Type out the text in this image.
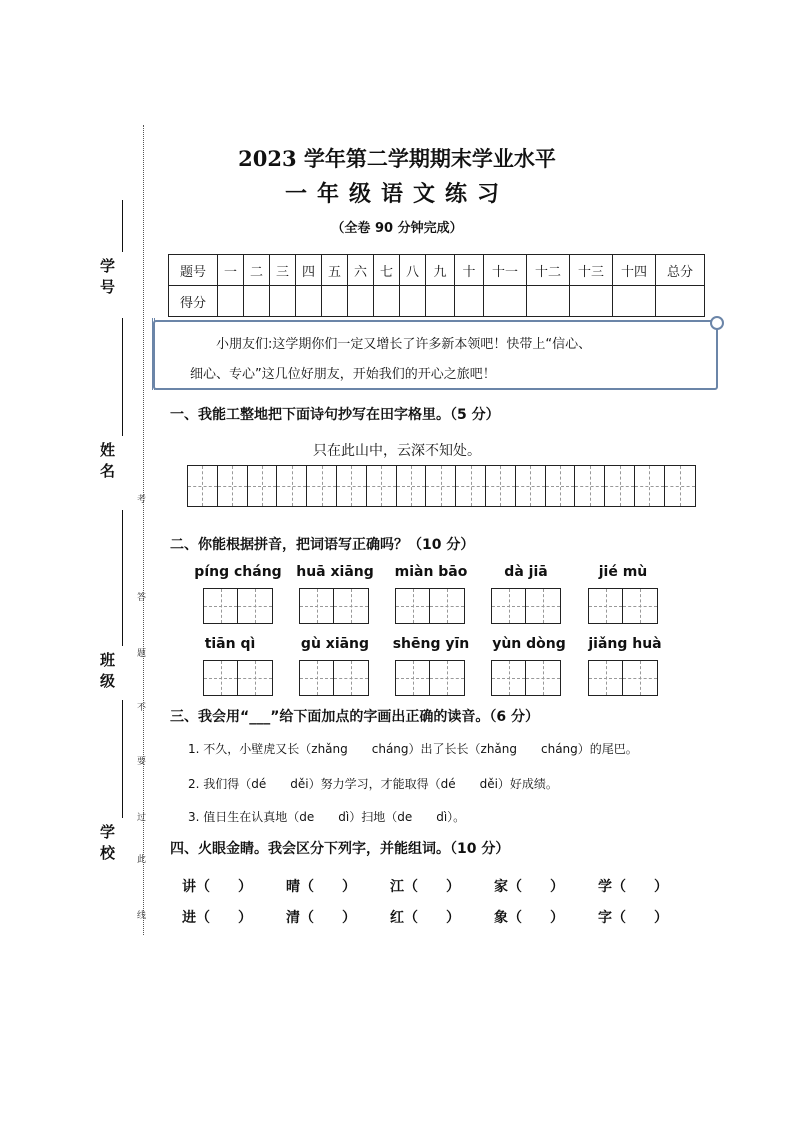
学号
姓名
班级
学校
考
答
题
不
要
过
此
线
2023 学年第二学期期末学业水平
一年级语文练习
（全卷 90 分钟完成）
题号	一	二	三	四	五	六	七	八	九	十	十一	十二	十三	十四	总分
得分															
小朋友们:这学期你们一定又增长了许多新本领吧！快带上“信心、
细心、专心”这几位好朋友，开始我们的开心之旅吧！
一、我能工整地把下面诗句抄写在田字格里。（5 分）
只在此山中，云深不知处。
二、你能根据拼音，把词语写正确吗？（10 分）
píng cháng	huā xiāng	miàn bāo	dà jiā	jié mù
tiān qì	gù xiāng	shēng yīn	yùn dòng	jiǎng huà
三、我会用“___”给下面加点的字画出正确的读音。（6 分）
1. 不久，小壁虎又长（zhǎng　　cháng）出了长长（zhǎng　　cháng）的尾巴。
2. 我们得（dé　　děi）努力学习，才能取得（dé　　děi）好成绩。
3. 值日生在认真地（de　　dì）扫地（de　　dì）。
四、火眼金睛。我会区分下列字，并能组词。（10 分）
讲（　　） 晴（　　） 江（　　） 家（　　） 学（　　）
进（　　） 清（　　） 红（　　） 象（　　） 字（　　）
